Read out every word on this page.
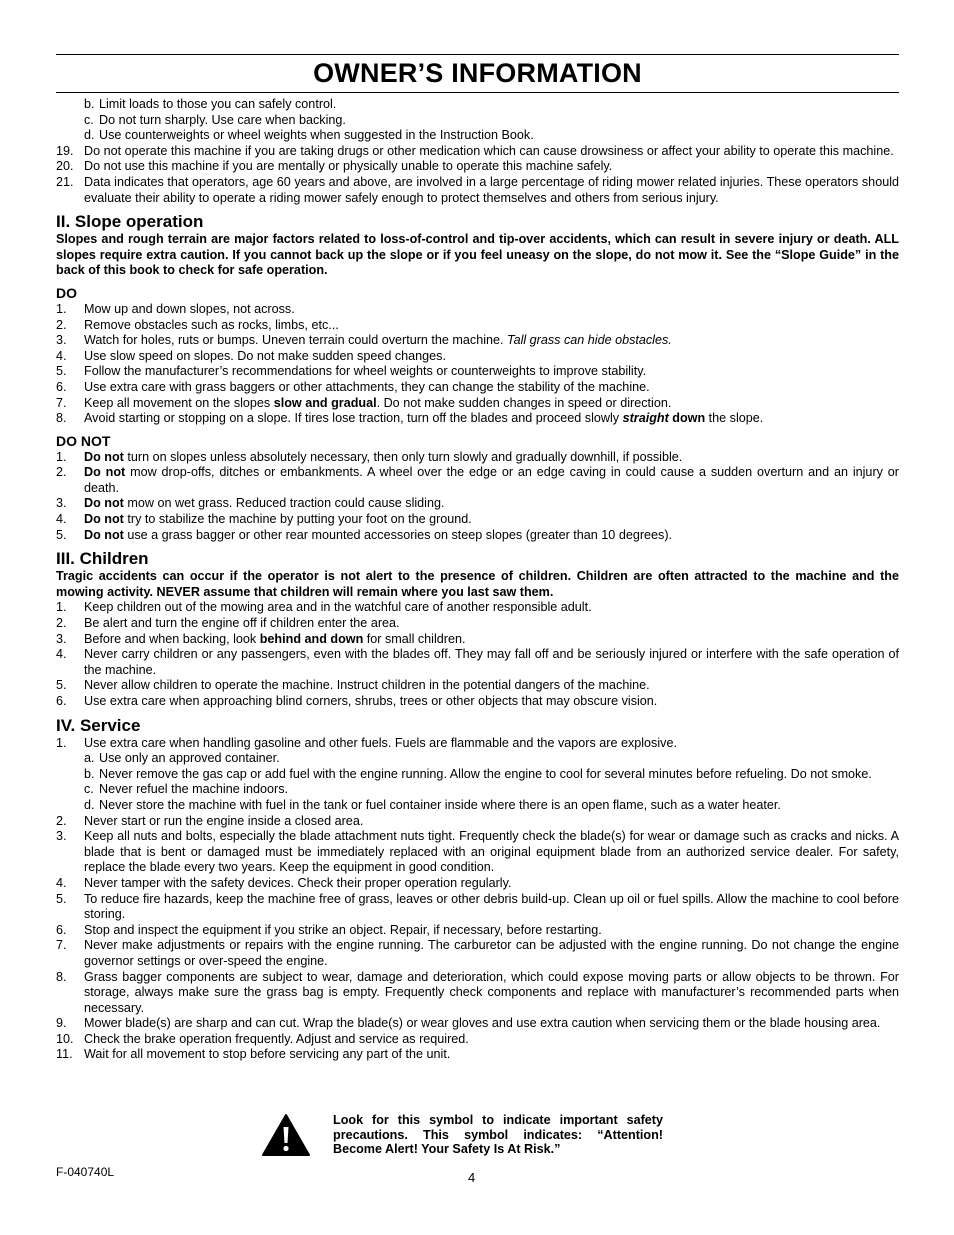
OWNER’S INFORMATION
b. Limit loads to those you can safely control.
c. Do not turn sharply. Use care when backing.
d. Use counterweights or wheel weights when suggested in the Instruction Book.
19. Do not operate this machine if you are taking drugs or other medication which can cause drowsiness or affect your ability to operate this machine.
20. Do not use this machine if you are mentally or physically unable to operate this machine safely.
21. Data indicates that operators, age 60 years and above, are involved in a large percentage of riding mower related injuries. These operators should evaluate their ability to operate a riding mower safely enough to protect themselves and others from serious injury.
II. Slope operation

Slopes and rough terrain are major factors related to loss-of-control and tip-over accidents, which can result in severe injury or death. ALL slopes require extra caution. If you cannot back up the slope or if you feel uneasy on the slope, do not mow it. See the “Slope Guide” in the back of this book to check for safe operation.

DO
1.	Mow up and down slopes, not across.
2.	Remove obstacles such as rocks, limbs, etc...
3.	Watch for holes, ruts or bumps. Uneven terrain could overturn the machine. Tall grass can hide obstacles.
4.	Use slow speed on slopes. Do not make sudden speed changes.
5.	Follow the manufacturer’s recommendations for wheel weights or counterweights to improve stability.
6.	Use extra care with grass baggers or other attachments, they can change the stability of the machine.
7.	Keep all movement on the slopes slow and gradual. Do not make sudden changes in speed or direction.
8.	Avoid starting or stopping on a slope. If tires lose traction, turn off the blades and proceed slowly straight down the slope.
DO NOT
1.	Do not turn on slopes unless absolutely necessary, then only turn slowly and gradually downhill, if possible.
2.	Do not mow drop-offs, ditches or embankments. A wheel over the edge or an edge caving in could cause a sudden overturn and an injury or death.
3.	Do not mow on wet grass. Reduced traction could cause sliding.
4.	Do not try to stabilize the machine by putting your foot on the ground.
5.	Do not use a grass bagger or other rear mounted accessories on steep slopes (greater than 10 degrees).
III. Children

Tragic accidents can occur if the operator is not alert to the presence of children. Children are often attracted to the machine and the mowing activity. NEVER assume that children will remain where you last saw them.

1.	Keep children out of the mowing area and in the watchful care of another responsible adult.
2.	Be alert and turn the engine off if children enter the area.
3.	Before and when backing, look behind and down for small children.
4.	Never carry children or any passengers, even with the blades off. They may fall off and be seriously injured or interfere with the safe operation of the machine.
5.	Never allow children to operate the machine. Instruct children in the potential dangers of the machine.
6.	Use extra care when approaching blind corners, shrubs, trees or other objects that may obscure vision.
IV. Service
1.	Use extra care when handling gasoline and other fuels. Fuels are flammable and the vapors are explosive.
a. Use only an approved container.
b. Never remove the gas cap or add fuel with the engine running. Allow the engine to cool for several minutes before refueling. Do not smoke.
c. Never refuel the machine indoors.
d. Never store the machine with fuel in the tank or fuel container inside where there is an open flame, such as a water heater.
2.	Never start or run the engine inside a closed area.
3.	Keep all nuts and bolts, especially the blade attachment nuts tight. Frequently check the blade(s) for wear or damage such as cracks and nicks. A blade that is bent or damaged must be immediately replaced with an original equipment blade from an authorized service dealer. For safety, replace the blade every two years. Keep the equipment in good condition.
4.	Never tamper with the safety devices. Check their proper operation regularly.
5.	To reduce fire hazards, keep the machine free of grass, leaves or other debris build-up. Clean up oil or fuel spills. Allow the machine to cool before storing.
6.	Stop and inspect the equipment if you strike an object. Repair, if necessary, before restarting.
7.	Never make adjustments or repairs with the engine running. The carburetor can be adjusted with the engine running. Do not change the engine governor settings or over-speed the engine.
8.	Grass bagger components are subject to wear, damage and deterioration, which could expose moving parts or allow objects to be thrown. For storage, always make sure the grass bag is empty. Frequently check components and replace with manufacturer’s recommended parts when necessary.
9.	Mower blade(s) are sharp and can cut. Wrap the blade(s) or wear gloves and use extra caution when servicing them or the blade housing area.
10. Check the brake operation frequently. Adjust and service as required.
11. Wait for all movement to stop before servicing any part of the unit.
Look for this symbol to indicate important safety precautions. This symbol indicates: “Attention! Become Alert! Your Safety Is At Risk.”
F-040740L	4
